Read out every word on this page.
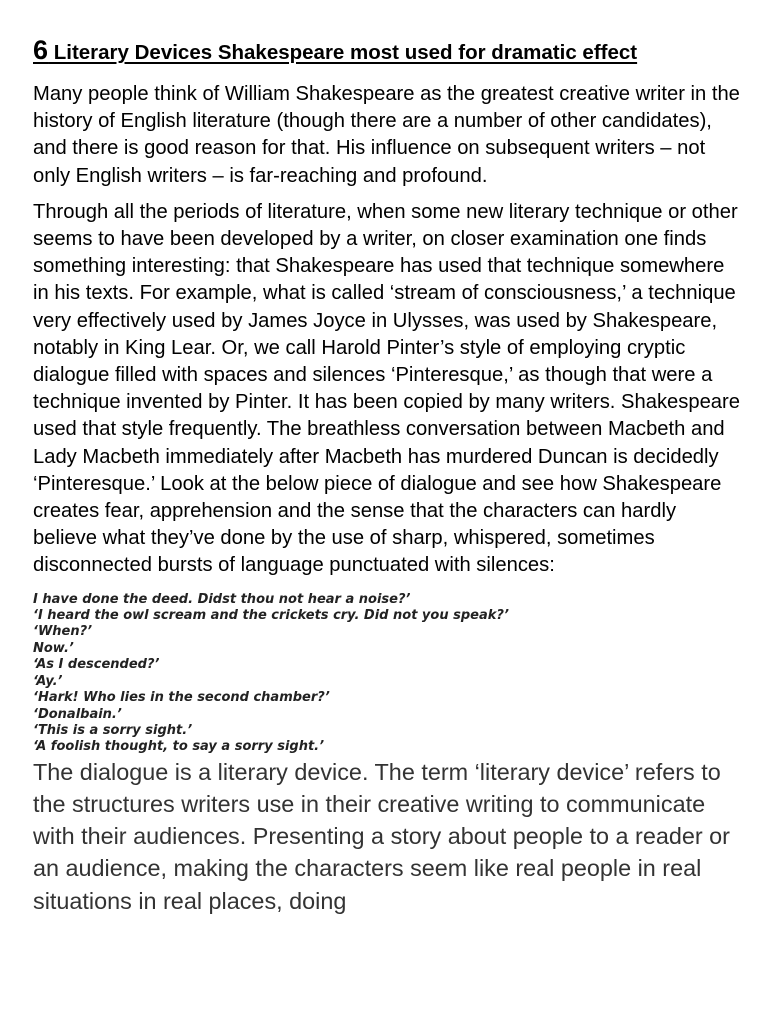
6 Literary Devices Shakespeare most used for dramatic effect

Many people think of William Shakespeare as the greatest creative writer in the history of English literature (though there are a number of other candidates), and there is good reason for that. His influence on subsequent writers – not only English writers – is far-reaching and profound.

Through all the periods of literature, when some new literary technique or other seems to have been developed by a writer, on closer examination one finds something interesting: that Shakespeare has used that technique somewhere in his texts. For example, what is called ‘stream of consciousness,’ a technique very effectively used by James Joyce in Ulysses, was used by Shakespeare, notably in King Lear. Or, we call Harold Pinter’s style of employing cryptic dialogue filled with spaces and silences ‘Pinteresque,’ as though that were a technique invented by Pinter. It has been copied by many writers. Shakespeare used that style frequently. The breathless conversation between Macbeth and Lady Macbeth immediately after Macbeth has murdered Duncan is decidedly ‘Pinteresque.’ Look at the below piece of dialogue and see how Shakespeare creates fear, apprehension and the sense that the characters can hardly believe what they’ve done by the use of sharp, whispered, sometimes disconnected bursts of language punctuated with silences:

I have done the deed. Didst thou not hear a noise?’
‘I heard the owl scream and the crickets cry. Did not you speak?’
‘When?’
Now.’
‘As I descended?’
‘Ay.’
‘Hark! Who lies in the second chamber?’
‘Donalbain.’
‘This is a sorry sight.’
‘A foolish thought, to say a sorry sight.’

The dialogue is a literary device. The term ‘literary device’ refers to the structures writers use in their creative writing to communicate with their audiences. Presenting a story about people to a reader or an audience, making the characters seem like real people in real situations in real places, doing
